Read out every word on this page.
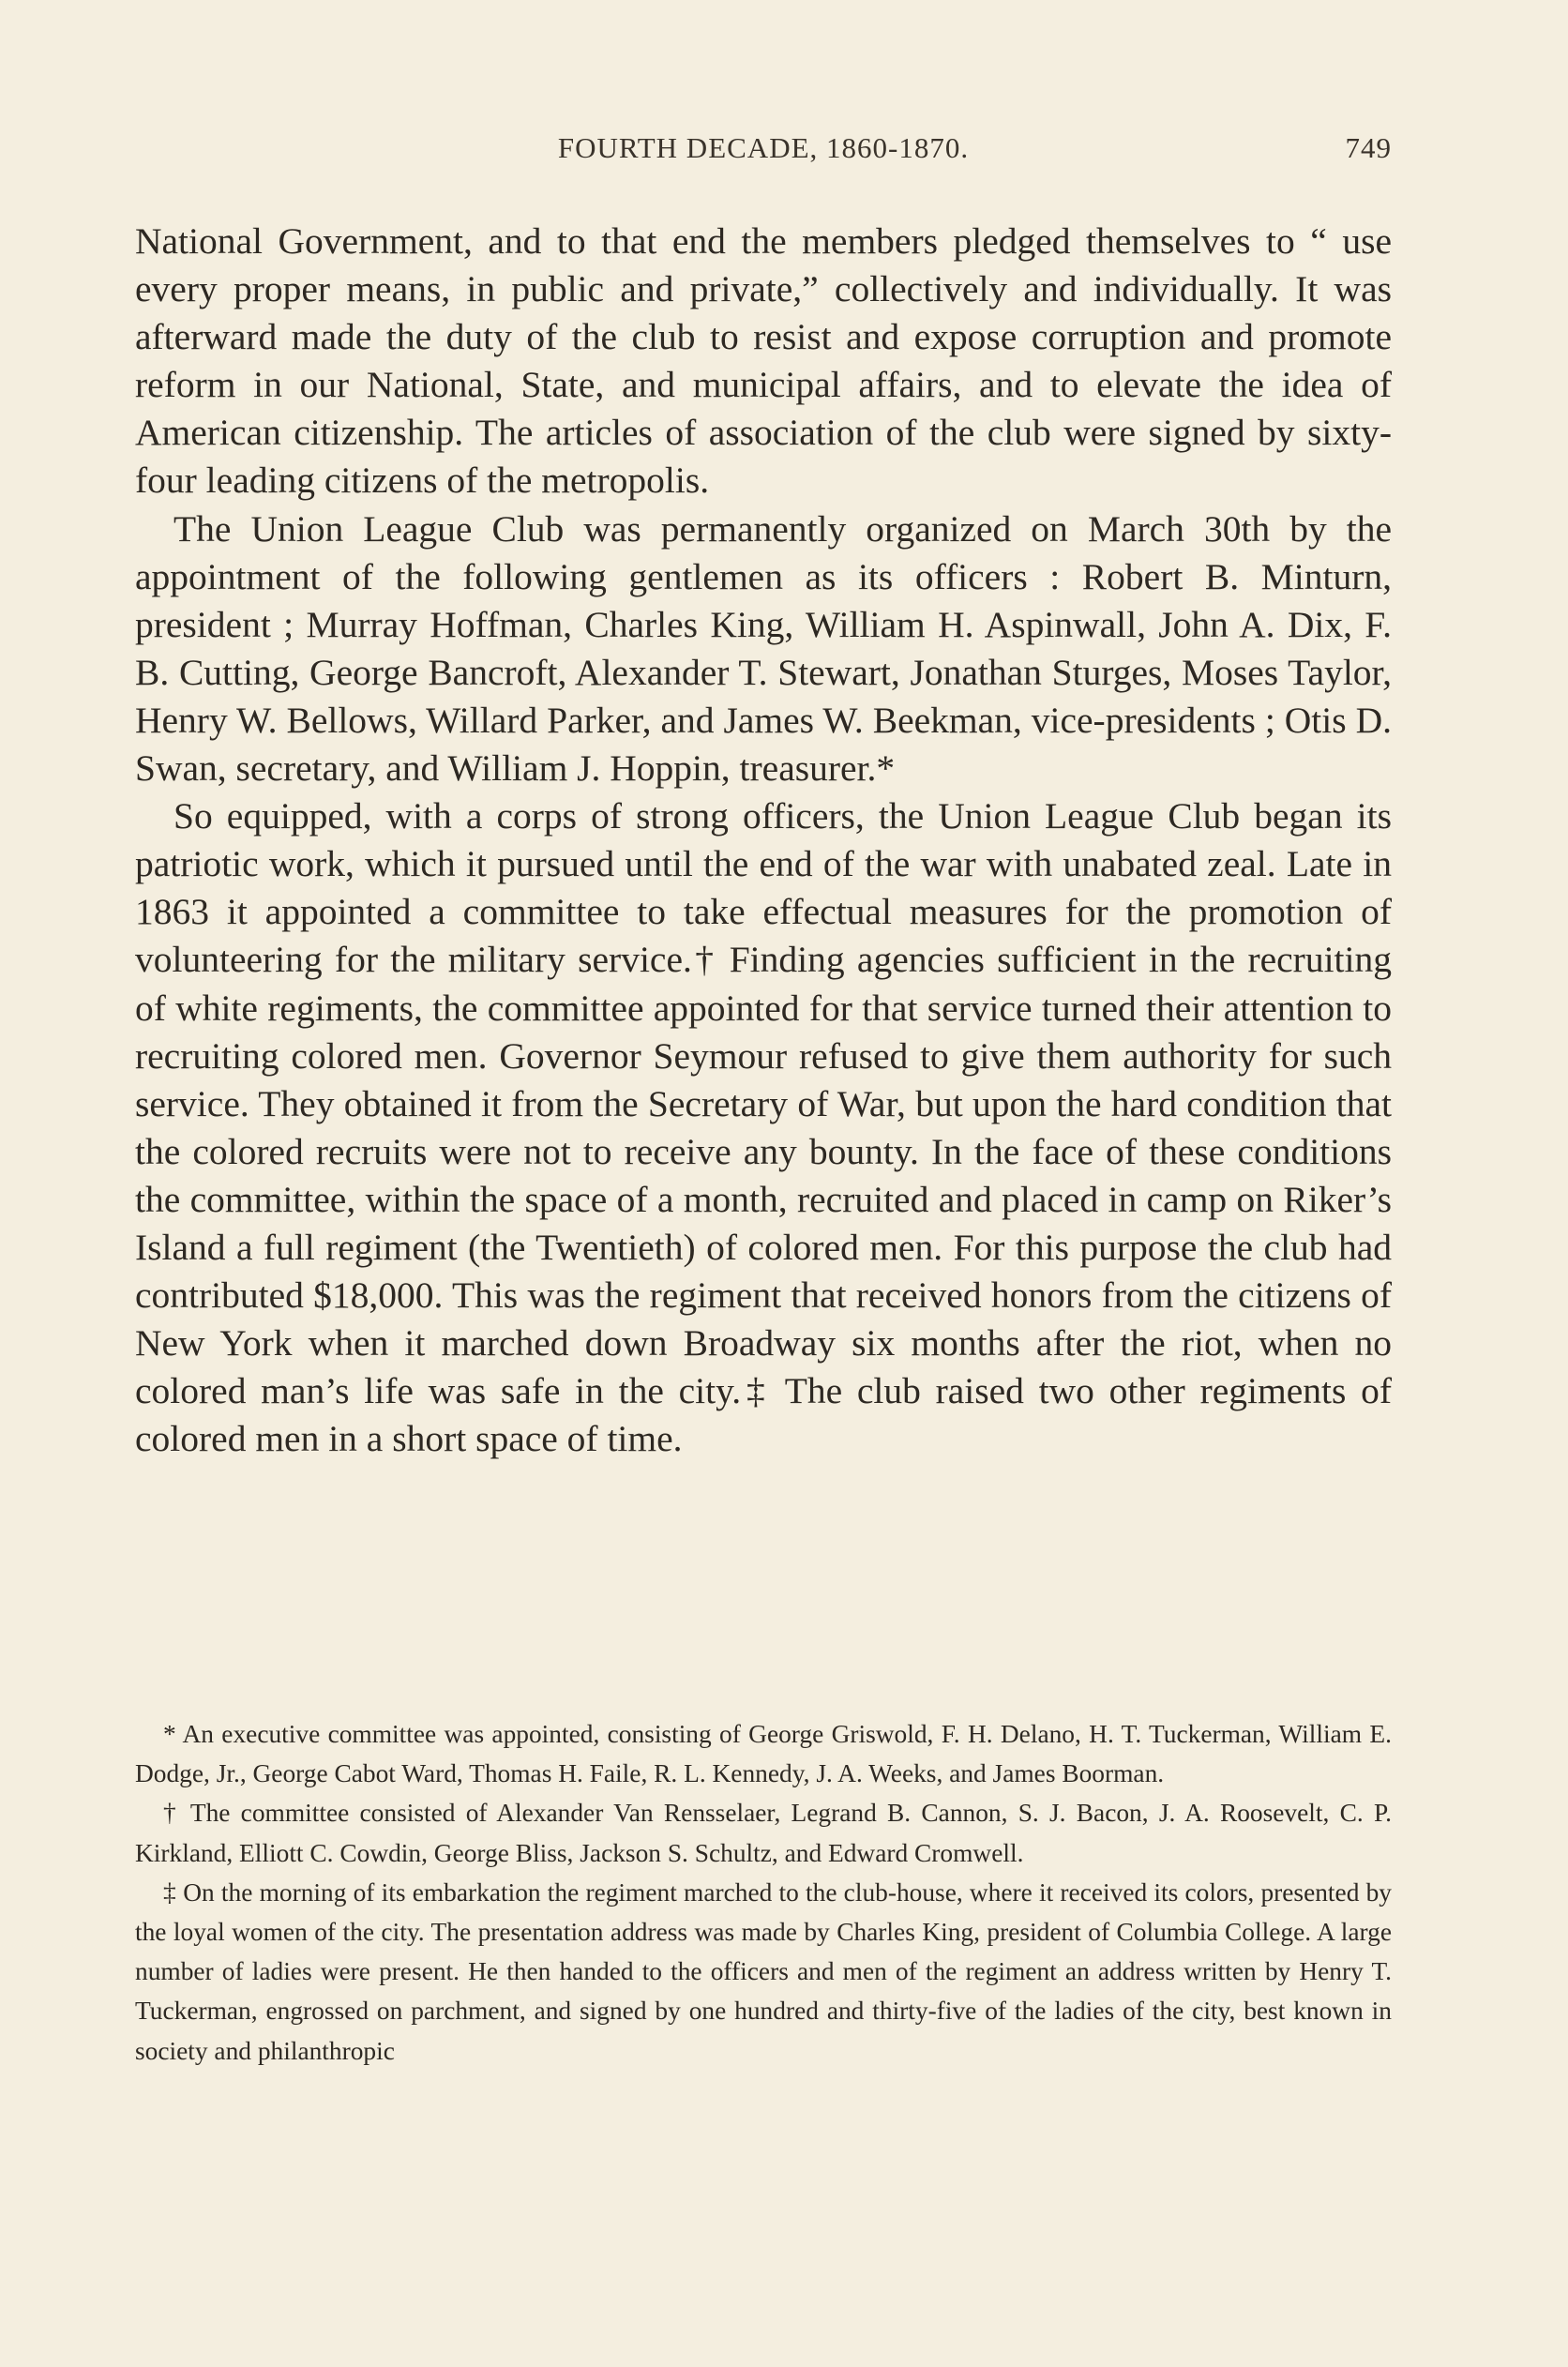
FOURTH DECADE, 1860-1870.	749

National Government, and to that end the members pledged themselves to “ use every proper means, in public and private,” collectively and individually. It was afterward made the duty of the club to resist and expose corruption and promote reform in our National, State, and municipal affairs, and to elevate the idea of American citizenship. The articles of association of the club were signed by sixty-four leading citizens of the metropolis.

The Union League Club was permanently organized on March 30th by the appointment of the following gentlemen as its officers : Robert B. Minturn, president ; Murray Hoffman, Charles King, William H. Aspinwall, John A. Dix, F. B. Cutting, George Bancroft, Alexander T. Stewart, Jonathan Sturges, Moses Taylor, Henry W. Bellows, Willard Parker, and James W. Beekman, vice-presidents ; Otis D. Swan, secretary, and William J. Hoppin, treasurer.*

So equipped, with a corps of strong officers, the Union League Club began its patriotic work, which it pursued until the end of the war with unabated zeal. Late in 1863 it appointed a committee to take effectual measures for the promotion of volunteering for the military service.† Finding agencies sufficient in the recruiting of white regiments, the committee appointed for that service turned their attention to recruiting colored men. Governor Seymour refused to give them authority for such service. They obtained it from the Secretary of War, but upon the hard condition that the colored recruits were not to receive any bounty. In the face of these conditions the committee, within the space of a month, recruited and placed in camp on Riker’s Island a full regiment (the Twentieth) of colored men. For this purpose the club had contributed $18,000. This was the regiment that received honors from the citizens of New York when it marched down Broadway six months after the riot, when no colored man’s life was safe in the city.‡ The club raised two other regiments of colored men in a short space of time.

* An executive committee was appointed, consisting of George Griswold, F. H. Delano, H. T. Tuckerman, William E. Dodge, Jr., George Cabot Ward, Thomas H. Faile, R. L. Kennedy, J. A. Weeks, and James Boorman.

† The committee consisted of Alexander Van Rensselaer, Legrand B. Cannon, S. J. Bacon, J. A. Roosevelt, C. P. Kirkland, Elliott C. Cowdin, George Bliss, Jackson S. Schultz, and Edward Cromwell.

‡ On the morning of its embarkation the regiment marched to the club-house, where it received its colors, presented by the loyal women of the city. The presentation address was made by Charles King, president of Columbia College. A large number of ladies were present. He then handed to the officers and men of the regiment an address written by Henry T. Tuckerman, engrossed on parchment, and signed by one hundred and thirty-five of the ladies of the city, best known in society and philanthropic
